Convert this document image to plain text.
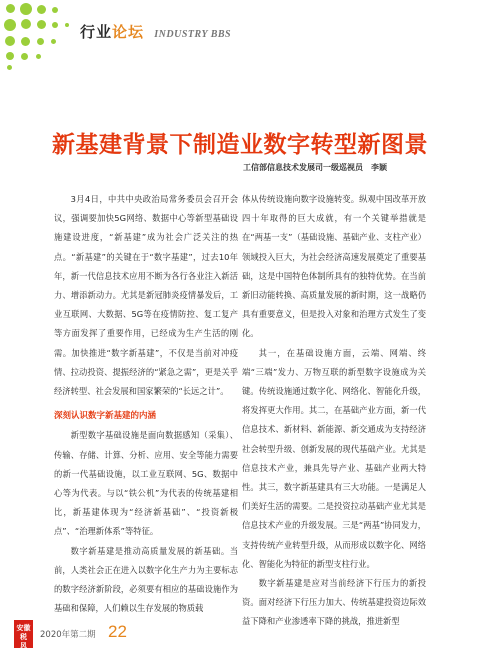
行业论坛 INDUSTRY BBS
新基建背景下制造业数字转型新图景
工信部信息技术发展司一级巡视员　李颖

3月4日，中共中央政治局常务委员会召开会议，强调要加快5G网络、数据中心等新型基础设施建设进度，“新基建”成为社会广泛关注的热点。“新基建”的关键在于“数字基建”，过去10年年，新一代信息技术应用不断为各行各业注入新活力、增添新动力。尤其是新冠肺炎疫情暴发后，工业互联网、大数据、5G等在疫情防控、复工复产等方面发挥了重要作用，已经成为生产生活的刚需。加快推进“数字新基建”，不仅是当前对冲疫情、拉动投资、提振经济的“紧急之需”，更是关乎经济转型、社会发展和国家繁荣的“长远之计”。

深刻认识数字新基建的内涵

新型数字基础设施是面向数据感知（采集）、传输、存储、计算、分析、应用、安全等能力需要的新一代基础设施，以工业互联网、5G、数据中心等为代表。与以“铁公机”为代表的传统基建相比，新基建体现为“经济新基础”、“投资新极点”、“治理新体系”等特征。

数字新基建是推动高质量发展的新基础。当前，人类社会正在进入以数字化生产力为主要标志的数字经济新阶段，必须要有相应的基础设施作为基础和保障，人们赖以生存发展的物质载

体从传统设施向数字设施转变。纵观中国改革开放四十年取得的巨大成就，有一个关键举措就是在“两基一支”（基础设施、基础产业、支柱产业）领域投入巨大，为社会经济高速发展奠定了重要基础，这是中国特色体制所具有的独特优势。在当前新旧动能转换、高质量发展的新时期，这一战略仍具有重要意义，但是投入对象和治理方式发生了变化。

其一，在基础设施方面，云端、网端、终端“三端”发力、万物互联的新型数字设施成为关键。传统设施通过数字化、网络化、智能化升级，将发挥更大作用。其二，在基础产业方面，新一代信息技术、新材料、新能源、新交通成为支持经济社会转型升级、创新发展的现代基础产业。尤其是信息技术产业，兼具先导产业、基础产业两大特性。其三，数字新基建具有三大功能。一是满足人们美好生活的需要。二是投资拉动基础产业尤其是信息技术产业的升级发展。三是“两基”协同发力，支持传统产业转型升级，从而形成以数字化、网络化、智能化为特征的新型支柱行业。

数字新基建是应对当前经济下行压力的新投资。面对经济下行压力加大、传统基建投资边际效益下降和产业渗透率下降的挑战，推进新型

安徽
税
风
2020年第二期 22
